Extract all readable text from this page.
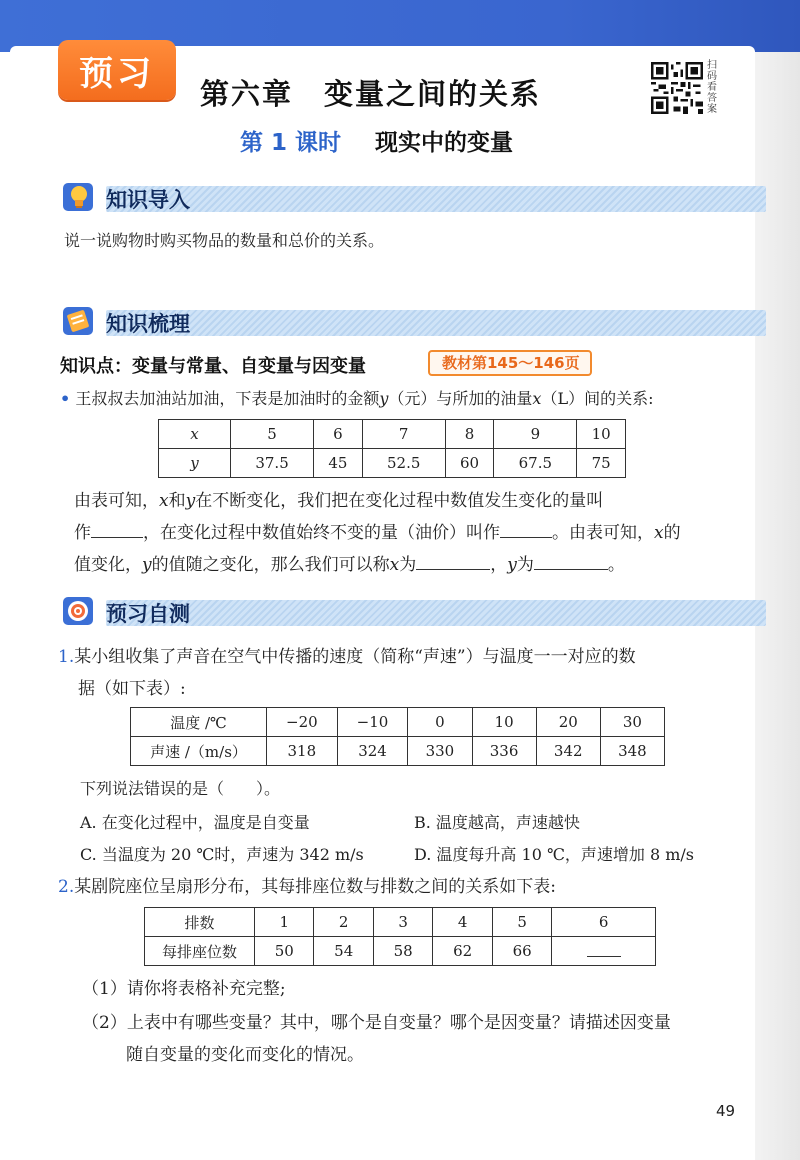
预习
第六章　变量之间的关系
第 1 课时 现实中的变量
扫码看答案
知识导入
说一说购物时购买物品的数量和总价的关系。
知识梳理
知识点：变量与常量、自变量与因变量	教材第145～146页
• 王叔叔去加油站加油，下表是加油时的金额y（元）与所加的油量x（L）间的关系:
x	5	6	7	8	9	10
y	37.5	45	52.5	60	67.5	75
由表可知，x和y在不断变化，我们把在变化过程中数值发生变化的量叫
作	，在变化过程中数值始终不变的量（油价）叫作	。由表可知，x的
值变化，y的值随之变化，那么我们可以称x为	，y为	。
预习自测
1.某小组收集了声音在空气中传播的速度（简称“声速”）与温度一一对应的数
据（如下表）:
温度 /℃	−20	−10	0	10	20	30
声速 /（m/s）	318	324	330	336	342	348
下列说法错误的是（　　）。
A. 在变化过程中，温度是自变量	B. 温度越高，声速越快
C. 当温度为 20 ℃时，声速为 342 m/s	D. 温度每升高 10 ℃，声速增加 8 m/s
2.某剧院座位呈扇形分布，其每排座位数与排数之间的关系如下表:
排数	1	2	3	4	5	6
每排座位数	50	54	58	62	66	
（1）请你将表格补充完整;
（2）上表中有哪些变量？其中，哪个是自变量？哪个是因变量？请描述因变量
随自变量的变化而变化的情况。
49
